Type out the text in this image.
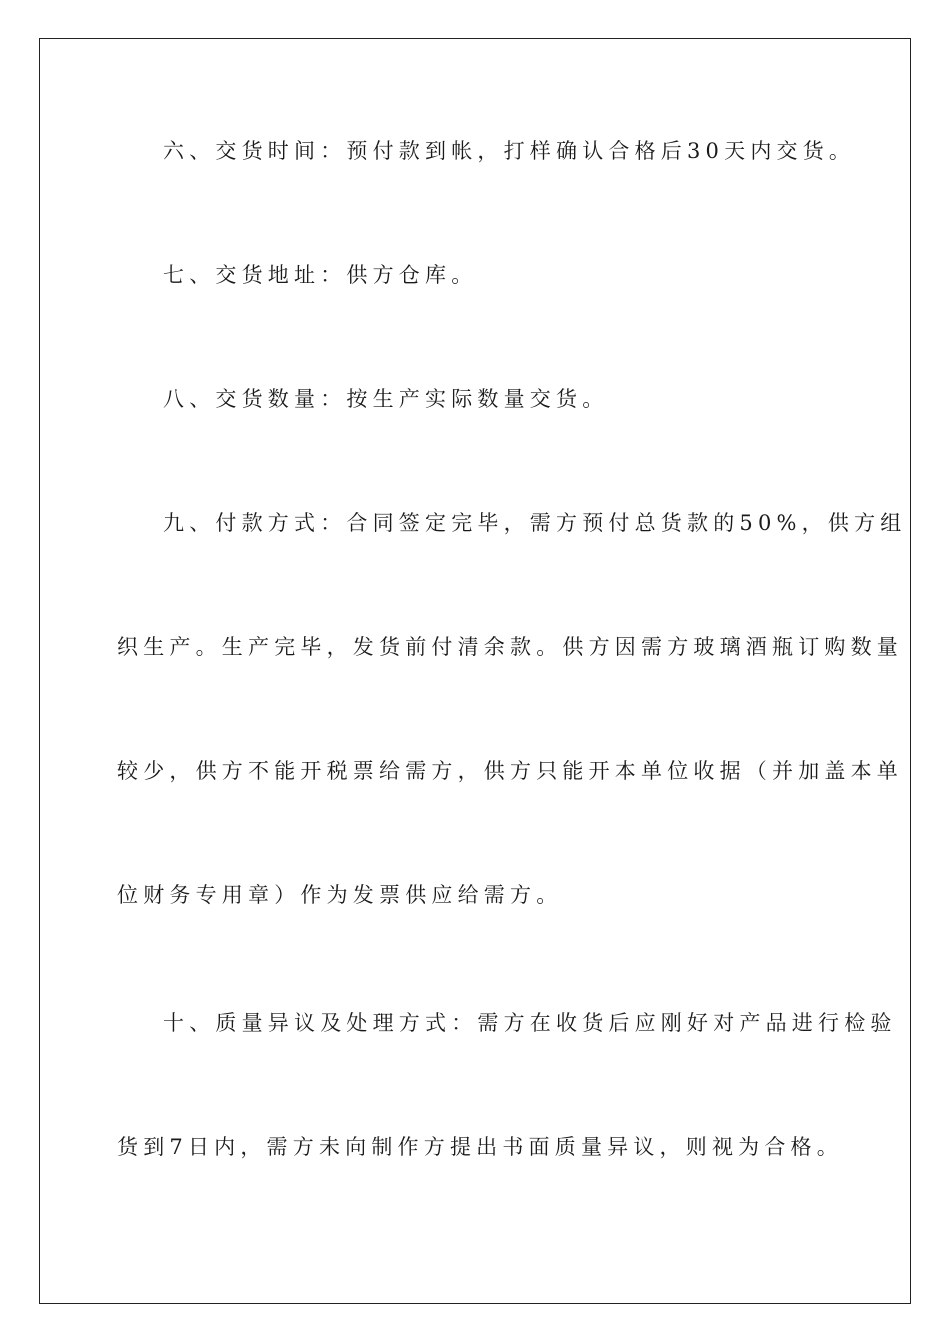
六、交货时间：预付款到帐，打样确认合格后30天内交货。

七、交货地址：供方仓库。

八、交货数量：按生产实际数量交货。

九、付款方式：合同签定完毕，需方预付总货款的50%，供方组

织生产。生产完毕，发货前付清余款。供方因需方玻璃酒瓶订购数量

较少，供方不能开税票给需方，供方只能开本单位收据（并加盖本单

位财务专用章）作为发票供应给需方。

十、质量异议及处理方式：需方在收货后应刚好对产品进行检验

货到7日内，需方未向制作方提出书面质量异议，则视为合格。
